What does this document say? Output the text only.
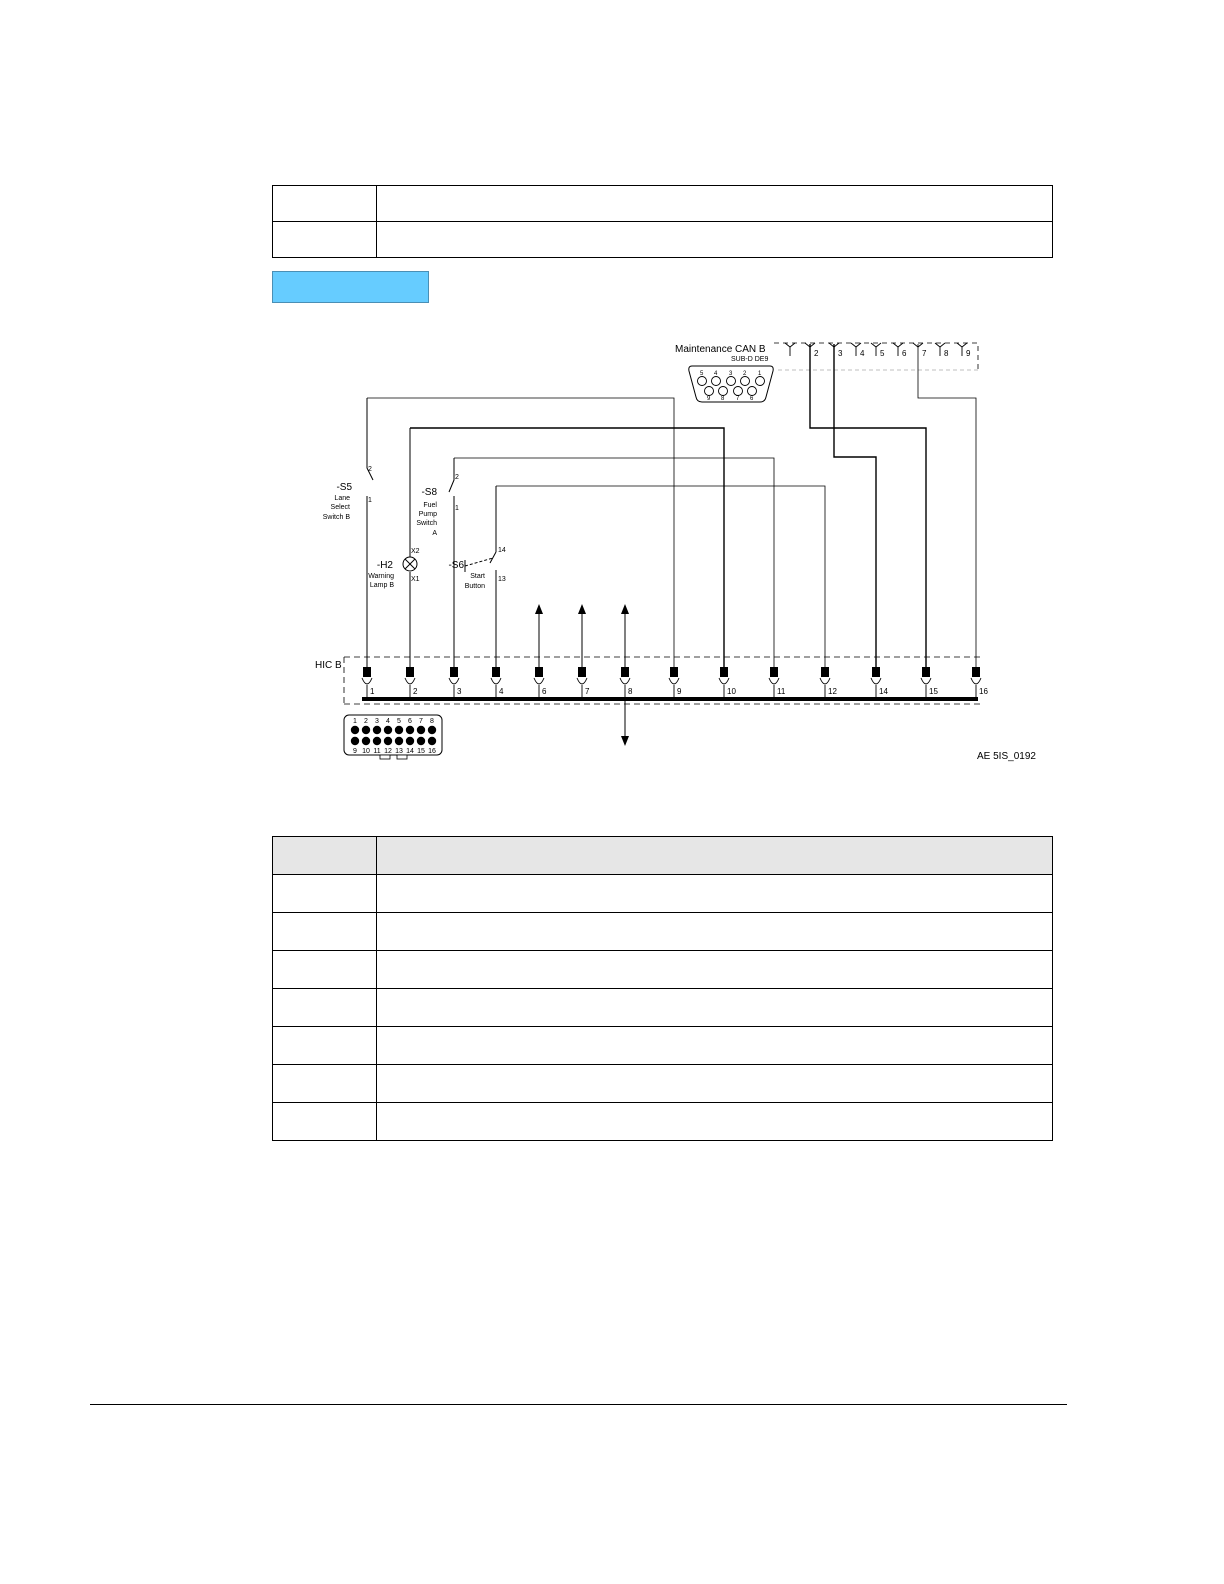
2 3 4 5 6 7 8 9
1	2	3	4	6	7	8	9	10	11	12	14	15	16
5 4 3 2 1
9 8 7 6
1
9
2
10
3
11
4
12
5
13
6
14
7
15
8
16
Maintenance CAN B
SUB-D DE9
-S5
Lane
Select
Switch B
2
1
-S8
Fuel
Pump
Switch
A
2
1
-H2
Warning
Lamp B
X2
X1
-S6
Start
Button
14
13
HIC B
AE 5IS_0192
